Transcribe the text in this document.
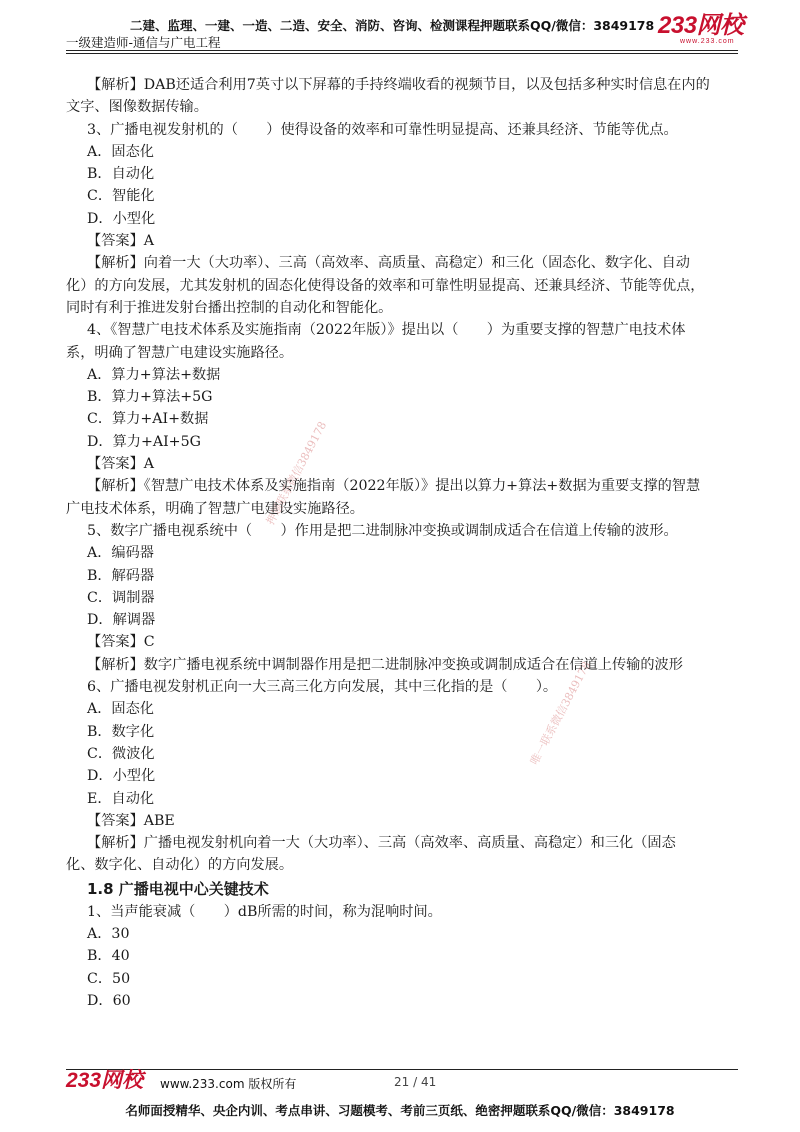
二建、监理、一建、一造、二造、安全、消防、咨询、检测课程押题联系QQ/微信：3849178
一级建造师-通信与广电工程
233网校
www.233.com
押题联系微信3849178
唯一联系微信3849178
【解析】DAB还适合利用7英寸以下屏幕的手持终端收看的视频节目，以及包括多种实时信息在内的
文字、图像数据传输。
3、广播电视发射机的（　　）使得设备的效率和可靠性明显提高、还兼具经济、节能等优点。
A．固态化
B．自动化
C．智能化
D．小型化
【答案】A
【解析】向着一大（大功率）、三高（高效率、高质量、高稳定）和三化（固态化、数字化、自动
化）的方向发展，尤其发射机的固态化使得设备的效率和可靠性明显提高、还兼具经济、节能等优点，
同时有利于推进发射台播出控制的自动化和智能化。
4、《智慧广电技术体系及实施指南（2022年版）》提出以（　　）为重要支撑的智慧广电技术体
系，明确了智慧广电建设实施路径。
A．算力+算法+数据
B．算力+算法+5G
C．算力+AI+数据
D．算力+AI+5G
【答案】A
【解析】《智慧广电技术体系及实施指南（2022年版）》提出以算力+算法+数据为重要支撑的智慧
广电技术体系，明确了智慧广电建设实施路径。
5、数字广播电视系统中（　　）作用是把二进制脉冲变换或调制成适合在信道上传输的波形。
A．编码器
B．解码器
C．调制器
D．解调器
【答案】C
【解析】数字广播电视系统中调制器作用是把二进制脉冲变换或调制成适合在信道上传输的波形
6、广播电视发射机正向一大三高三化方向发展，其中三化指的是（　　）。
A．固态化
B．数字化
C．微波化
D．小型化
E．自动化
【答案】ABE
【解析】广播电视发射机向着一大（大功率）、三高（高效率、高质量、高稳定）和三化（固态
化、数字化、自动化）的方向发展。
1.8 广播电视中心关键技术
1、当声能衰减（　　）dB所需的时间，称为混响时间。
A．30
B．40
C．50
D．60
233网校 www.233.com 版权所有	21 / 41
名师面授精华、央企内训、考点串讲、习题模考、考前三页纸、绝密押题联系QQ/微信：3849178
